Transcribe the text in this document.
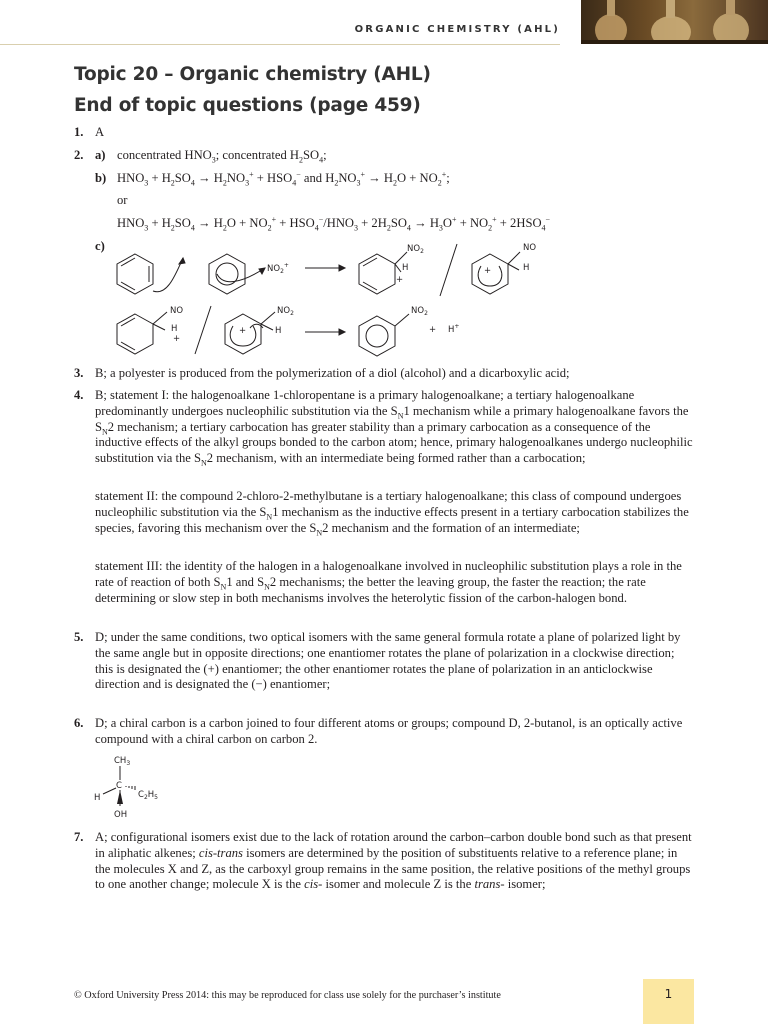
ORGANIC CHEMISTRY (AHL)
Topic 20 – Organic chemistry (AHL)
End of topic questions (page 459)
1. A
2. a) concentrated $HNO_3$; concentrated $H_2SO_4$;
b) $HNO_3 + H_2SO_4 \to H_2NO_3^+ + HSO_4^-$ and $H_2NO_3^+ \to H_2O + NO_2^+$;
or
$HNO_3 + H_2SO_4 \to H_2O + NO_2^+ + HSO_4^-/HNO_3 + 2H_2SO_4 \to H_3O^+ + NO_2^+ + 2HSO_4^-$
c)
$NO_2^+$
$NO_2$
H
+
NO
H
+
NO
H
+
$NO_2$
H
+
$NO_2$
+ H+
3. B; a polyester is produced from the polymerization of a diol (alcohol) and a dicarboxylic acid;
4. B; statement I: the halogenoalkane 1-chloropentane is a primary halogenoalkane; a tertiary halogenoalkane predominantly undergoes nucleophilic substitution via the $S_N1$ mechanism while a primary halogenoalkane favors the $S_N2$ mechanism; a tertiary carbocation has greater stability than a primary carbocation as a consequence of the inductive effects of the alkyl groups bonded to the carbon atom; hence, primary halogenoalkanes undergo nucleophilic substitution via the $S_N2$ mechanism, with an intermediate being formed rather than a carbocation;
statement II: the compound 2-chloro-2-methylbutane is a tertiary halogenoalkane; this class of compound undergoes nucleophilic substitution via the $S_N1$ mechanism as the inductive effects present in a tertiary carbocation stabilizes the species, favoring this mechanism over the $S_N2$ mechanism and the formation of an intermediate;
statement III: the identity of the halogen in a halogenoalkane involved in nucleophilic substitution plays a role in the rate of reaction of both $S_N1$ and $S_N2$ mechanisms; the better the leaving group, the faster the reaction; the rate determining or slow step in both mechanisms involves the heterolytic fission of the carbon-halogen bond.
5. D; under the same conditions, two optical isomers with the same general formula rotate a plane of polarized light by the same angle but in opposite directions; one enantiomer rotates the plane of polarization in a clockwise direction; this is designated the (+) enantiomer; the other enantiomer rotates the plane of polarization in an anticlockwise direction and is designated the (−) enantiomer;
6. D; a chiral carbon is a carbon joined to four different atoms or groups; compound D, 2-butanol, is an optically active compound with a chiral carbon on carbon 2.
$CH_3$
C
H	$C_2H_5$
OH
7. A; configurational isomers exist due to the lack of rotation around the carbon–carbon double bond such as that present in aliphatic alkenes; cis-trans isomers are determined by the position of substituents relative to a reference plane; in the molecules X and Z, as the carboxyl group remains in the same position, the relative positions of the methyl groups to one another change; molecule X is the cis- isomer and molecule Z is the trans- isomer;
© Oxford University Press 2014: this may be reproduced for class use solely for the purchaser’s institute	1
